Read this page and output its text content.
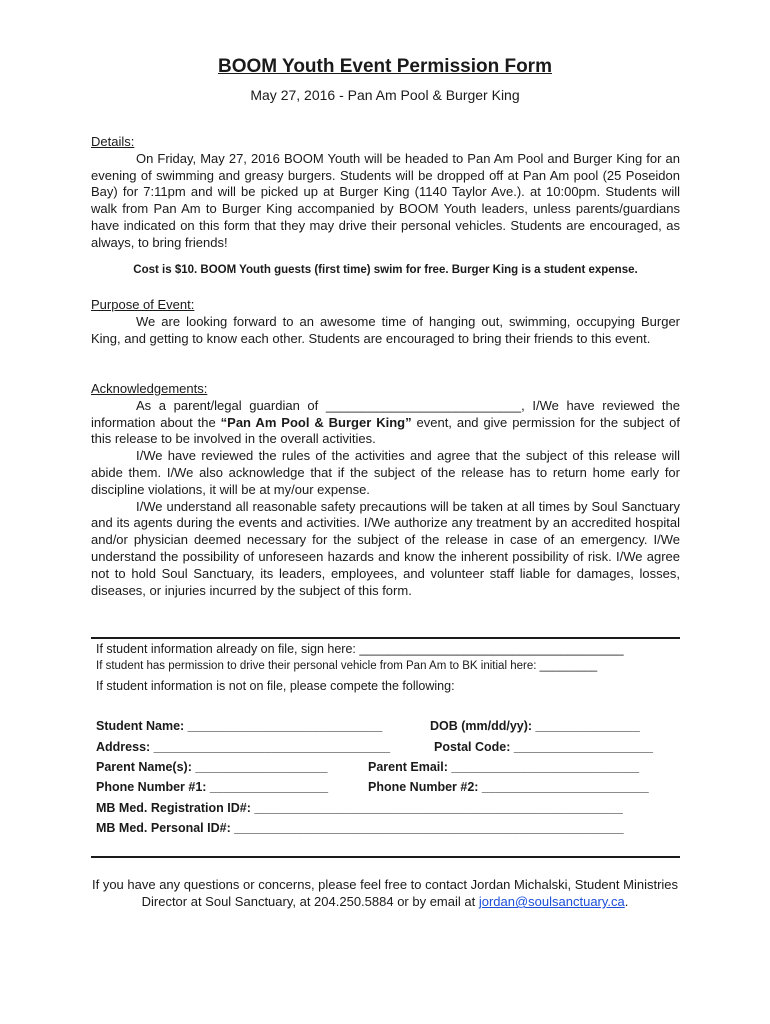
BOOM Youth Event Permission Form

May 27, 2016 - Pan Am Pool & Burger King

Details:

On Friday, May 27, 2016 BOOM Youth will be headed to Pan Am Pool and Burger King for an evening of swimming and greasy burgers. Students will be dropped off at Pan Am pool (25 Poseidon Bay) for 7:11pm and will be picked up at Burger King (1140 Taylor Ave.). at 10:00pm. Students will walk from Pan Am to Burger King accompanied by BOOM Youth leaders, unless parents/guardians have indicated on this form that they may drive their personal vehicles. Students are encouraged, as always, to bring friends!

Cost is $10. BOOM Youth guests (first time) swim for free. Burger King is a student expense.

Purpose of Event:

We are looking forward to an awesome time of hanging out, swimming, occupying Burger King, and getting to know each other. Students are encouraged to bring their friends to this event.

Acknowledgements:

As a parent/legal guardian of ___________________________, I/We have reviewed the information about the “Pan Am Pool & Burger King” event, and give permission for the subject of this release to be involved in the overall activities.

I/We have reviewed the rules of the activities and agree that the subject of this release will abide them. I/We also acknowledge that if the subject of the release has to return home early for discipline violations, it will be at my/our expense.

I/We understand all reasonable safety precautions will be taken at all times by Soul Sanctuary and its agents during the events and activities. I/We authorize any treatment by an accredited hospital and/or physician deemed necessary for the subject of the release in case of an emergency. I/We understand the possibility of unforeseen hazards and know the inherent possibility of risk. I/We agree not to hold Soul Sanctuary, its leaders, employees, and volunteer staff liable for damages, losses, diseases, or injuries incurred by the subject of this form.

If student information already on file, sign here: ______________________________________

If student has permission to drive their personal vehicle from Pan Am to BK initial here: _________

If student information is not on file, please compete the following:

Student Name: ____________________________	DOB (mm/dd/yy): _______________
Address: __________________________________	Postal Code: ____________________
Parent Name(s): ___________________	Parent Email: ___________________________
Phone Number #1: _________________	Phone Number #2: ________________________
MB Med. Registration ID#: _____________________________________________________
MB Med. Personal ID#: ________________________________________________________

If you have any questions or concerns, please feel free to contact Jordan Michalski, Student Ministries Director at Soul Sanctuary, at 204.250.5884 or by email at jordan@soulsanctuary.ca.
